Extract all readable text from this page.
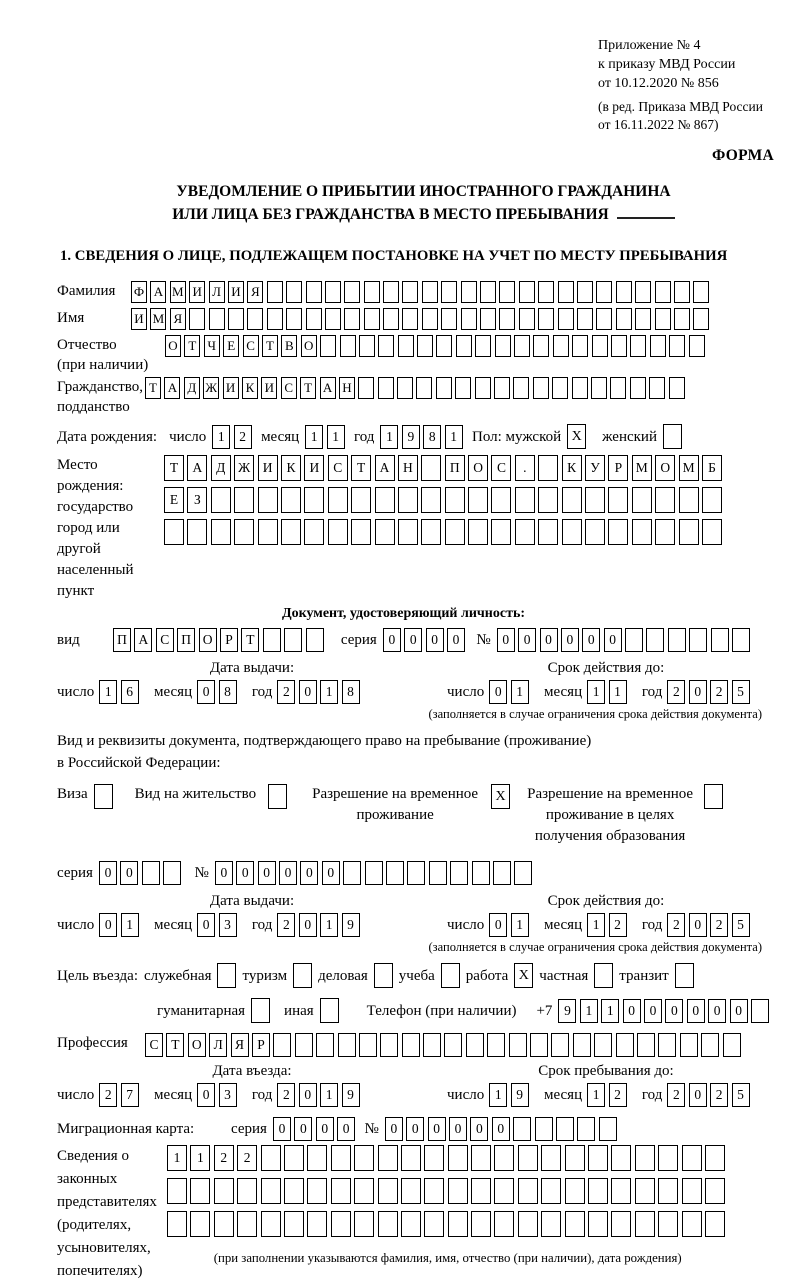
Приложение № 4
к приказу МВД России
от 10.12.2020 № 856
(в ред. Приказа МВД России
от 16.11.2022 № 867)
ФОРМА
УВЕДОМЛЕНИЕ О ПРИБЫТИИ ИНОСТРАННОГО ГРАЖДАНИНА
ИЛИ ЛИЦА БЕЗ ГРАЖДАНСТВА В МЕСТО ПРЕБЫВАНИЯ
1. СВЕДЕНИЯ О ЛИЦЕ, ПОДЛЕЖАЩЕМ ПОСТАНОВКЕ НА УЧЕТ ПО МЕСТУ ПРЕБЫВАНИЯ
Фамилия	Ф А М И Л И Я
Имя	И М Я
Отчество
(при наличии)
О Т Ч Е С Т В О
Гражданство,
подданство
Т А Д Ж И К И С Т А Н
Дата рождения: число 1	2	месяц 1	1	год 1	9	8	1	Пол: мужской X женский
Место рождения:
государство
город или другой
населенный пункт
Т	А	Д Ж И	К	И	С	Т	А	Н	П	О	С	.	К	У	Р	М О М	Б
Е	З
Документ, удостоверяющий личность:
вид	П А С П О Р	Т	серия 0	0	0	0	№ 0	0	0	0	0	0
Дата выдачи:
число 1	6	месяц 0	8	год 2	0	1	8
Срок действия до:
число 0	1	месяц 1	1	год 2	0	2	5
(заполняется в случае ограничения срока действия документа)
Вид и реквизиты документа, подтверждающего право на пребывание (проживание)
в Российской Федерации:
Виза	Вид на жительство	Разрешение на временное проживание
X Разрешение на временное проживание в целях получения образования
серия 0	0	№ 0	0	0	0	0	0
Дата выдачи:
число 0	1	месяц 0	3	год 2	0	1	9
Срок действия до:
число 0	1	месяц 1	2	год 2	0	2	5
(заполняется в случае ограничения срока действия документа)
Цель въезда: служебная туризм деловая учеба работа X частная транзит
гуманитарная	иная	Телефон (при наличии) +7 9	1	1	0	0	0	0	0	0
Профессия	С Т О Л Я Р
Дата въезда:
число 2	7	месяц 0	3	год 2	0	1	9
Срок пребывания до:
число 1	9	месяц 1	2	год 2	0	2	5
Миграционная карта:	серия 0	0	0	0	№ 0	0	0	0	0	0
Сведения о
законных
представителях
(родителях,
усыновителях,
попечителях)
1	1	2	2
(при заполнении указываются фамилия, имя, отчество (при наличии), дата рождения)
